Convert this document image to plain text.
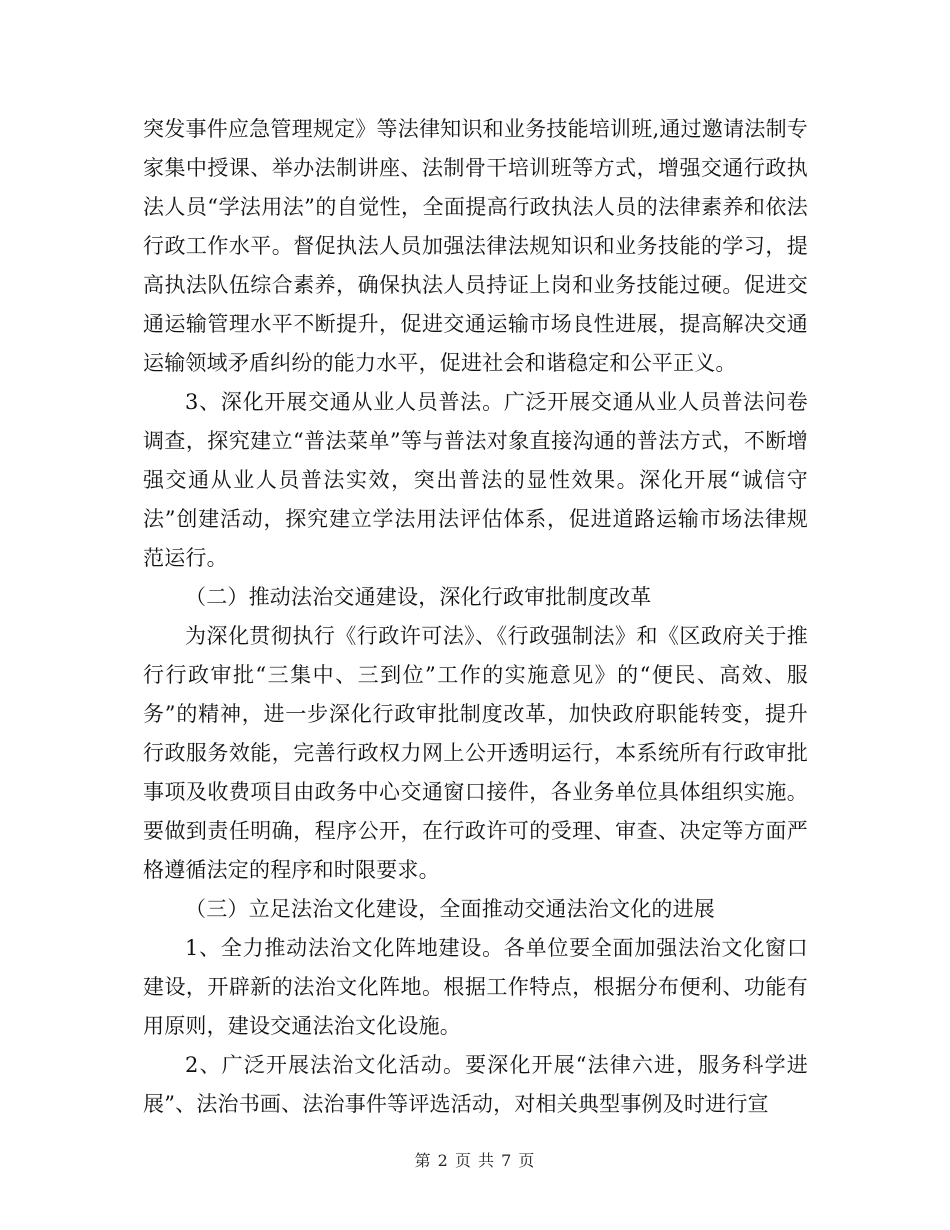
突发事件应急管理规定》等法律知识和业务技能培训班,通过邀请法制专家集中授课、举办法制讲座、法制骨干培训班等方式，增强交通行政执法人员“学法用法”的自觉性，全面提高行政执法人员的法律素养和依法行政工作水平。督促执法人员加强法律法规知识和业务技能的学习，提高执法队伍综合素养，确保执法人员持证上岗和业务技能过硬。促进交通运输管理水平不断提升，促进交通运输市场良性进展，提高解决交通运输领域矛盾纠纷的能力水平，促进社会和谐稳定和公平正义。

3、深化开展交通从业人员普法。广泛开展交通从业人员普法问卷调查，探究建立“普法菜单”等与普法对象直接沟通的普法方式，不断增强交通从业人员普法实效，突出普法的显性效果。深化开展“诚信守法”创建活动，探究建立学法用法评估体系，促进道路运输市场法律规范运行。

（二）推动法治交通建设，深化行政审批制度改革

为深化贯彻执行《行政许可法》、《行政强制法》和《区政府关于推行行政审批“三集中、三到位”工作的实施意见》的“便民、高效、服务”的精神，进一步深化行政审批制度改革，加快政府职能转变，提升行政服务效能，完善行政权力网上公开透明运行，本系统所有行政审批事项及收费项目由政务中心交通窗口接件，各业务单位具体组织实施。要做到责任明确，程序公开，在行政许可的受理、审查、决定等方面严格遵循法定的程序和时限要求。

（三）立足法治文化建设，全面推动交通法治文化的进展

1、全力推动法治文化阵地建设。各单位要全面加强法治文化窗口建设，开辟新的法治文化阵地。根据工作特点，根据分布便利、功能有用原则，建设交通法治文化设施。

2、广泛开展法治文化活动。要深化开展“法律六进，服务科学进展”、法治书画、法治事件等评选活动，对相关典型事例及时进行宣

第 2 页 共 7 页
